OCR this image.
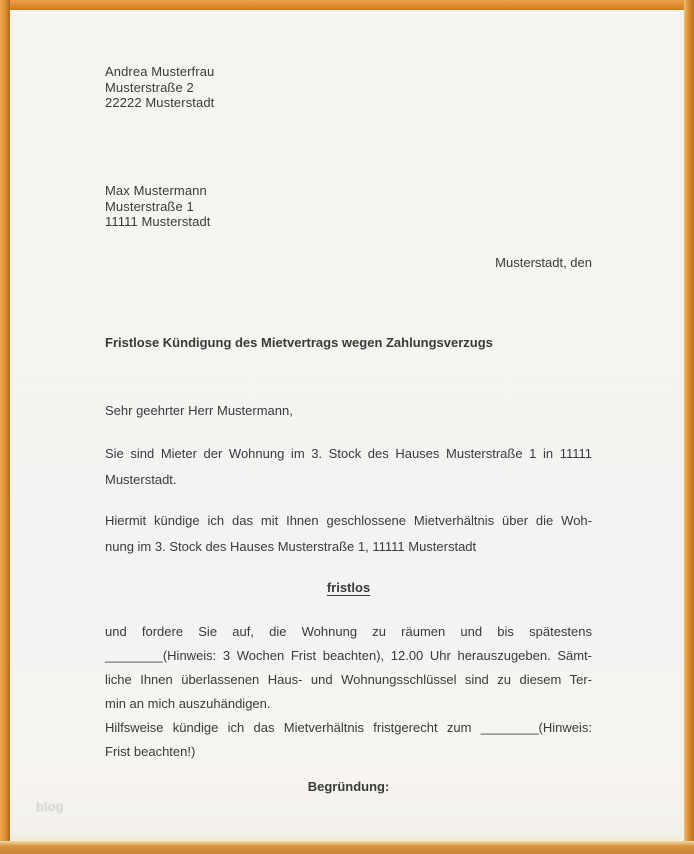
Andrea Musterfrau
Musterstraße 2
22222 Musterstadt
Max Mustermann
Musterstraße 1
11111 Musterstadt
Musterstadt, den
Fristlose Kündigung des Mietvertrags wegen Zahlungsverzugs
Sehr geehrter Herr Mustermann,
Sie sind Mieter der Wohnung im 3. Stock des Hauses Musterstraße 1 in 11111
Musterstadt.
Hiermit kündige ich das mit Ihnen geschlossene Mietverhältnis über die Woh-
nung im 3. Stock des Hauses Musterstraße 1, 11111 Musterstadt
fristlos
und fordere Sie auf, die Wohnung zu räumen und bis spätestens
________(Hinweis: 3 Wochen Frist beachten), 12.00 Uhr herauszugeben. Sämt-
liche Ihnen überlassenen Haus- und Wohnungsschlüssel sind zu diesem Ter-
min an mich auszuhändigen.
Hilfsweise kündige ich das Mietverhältnis fristgerecht zum ________(Hinweis:
Frist beachten!)
Begründung:
blog
